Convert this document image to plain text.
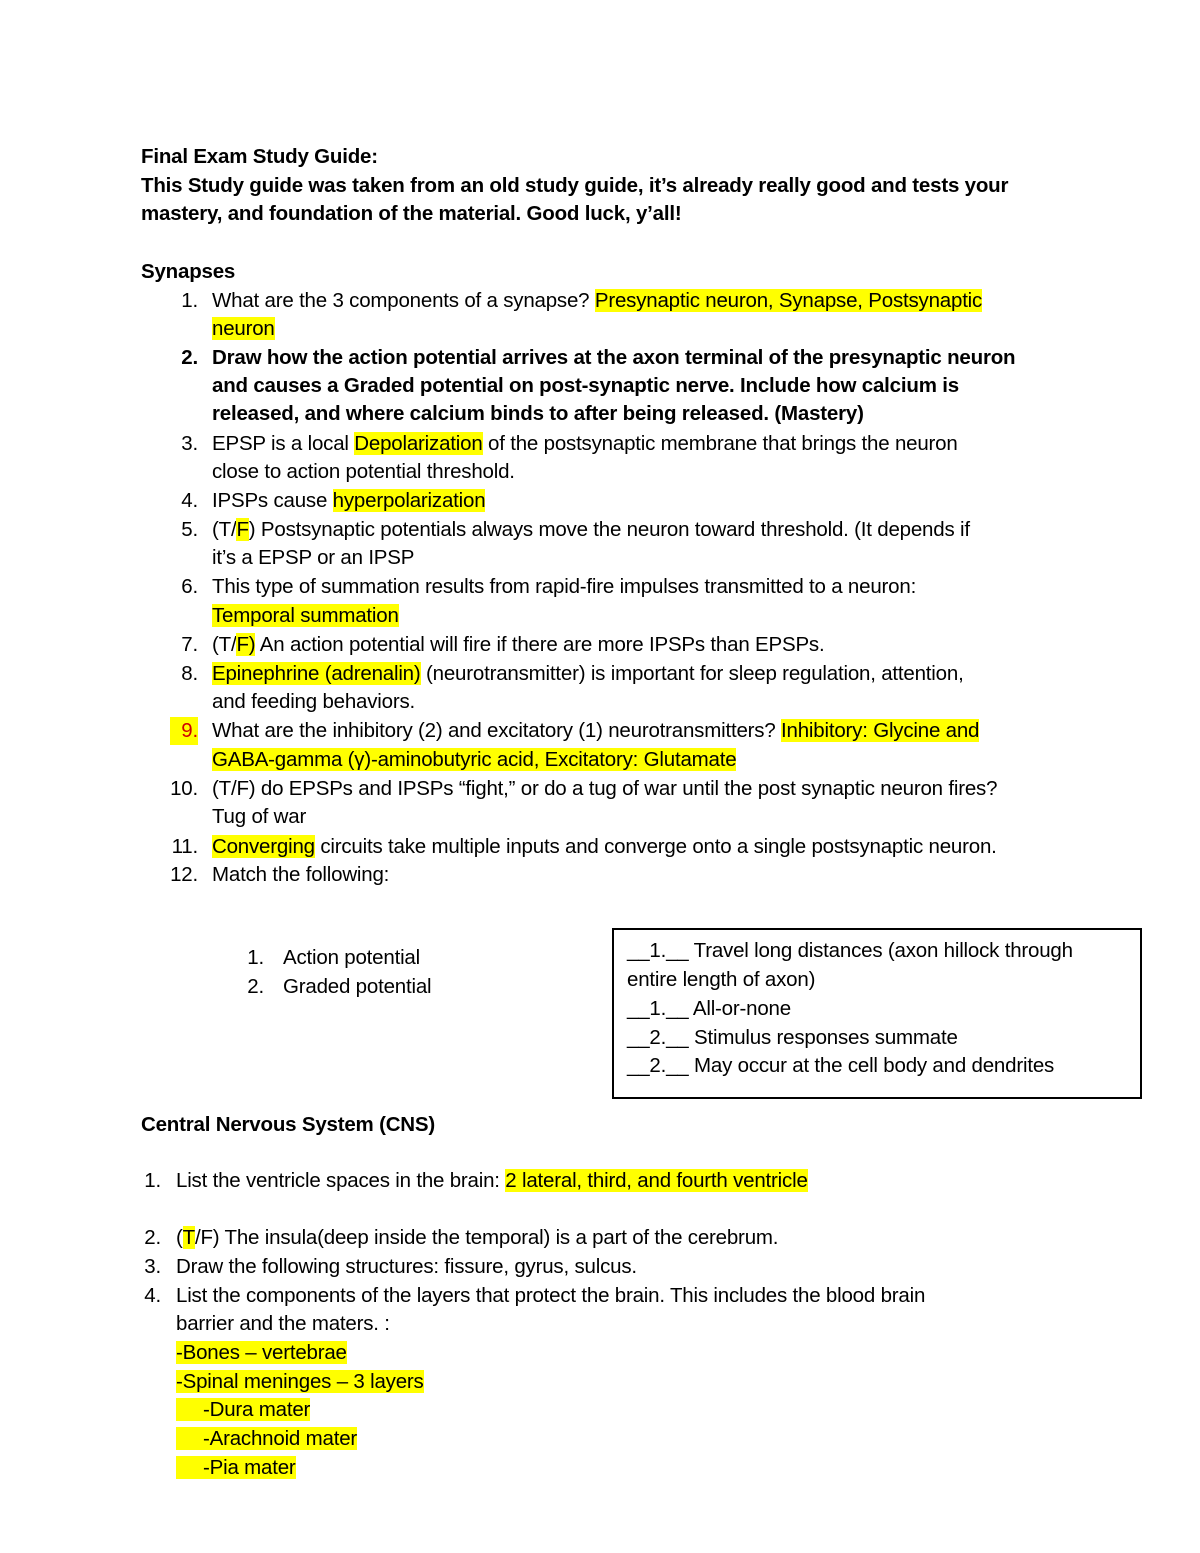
Final Exam Study Guide:
This Study guide was taken from an old study guide, it’s already really good and tests your
mastery, and foundation of the material. Good luck, y’all!
Synapses
1. What are the 3 components of a synapse? Presynaptic neuron, Synapse, Postsynaptic
neuron
2. Draw how the action potential arrives at the axon terminal of the presynaptic neuron
and causes a Graded potential on post-synaptic nerve. Include how calcium is
released, and where calcium binds to after being released. (Mastery)
3. EPSP is a local Depolarization of the postsynaptic membrane that brings the neuron
close to action potential threshold.
4. IPSPs cause hyperpolarization
5. (T/F) Postsynaptic potentials always move the neuron toward threshold. (It depends if
it’s a EPSP or an IPSP
6. This type of summation results from rapid-fire impulses transmitted to a neuron:
Temporal summation
7. (T/F) An action potential will fire if there are more IPSPs than EPSPs.
8. Epinephrine (adrenalin) (neurotransmitter) is important for sleep regulation, attention,
and feeding behaviors.
9. What are the inhibitory (2) and excitatory (1) neurotransmitters? Inhibitory: Glycine and
GABA-gamma (γ)-aminobutyric acid, Excitatory: Glutamate
10. (T/F) do EPSPs and IPSPs “fight,” or do a tug of war until the post synaptic neuron fires?
Tug of war
11. Converging circuits take multiple inputs and converge onto a single postsynaptic neuron.
12. Match the following:
1. Action potential
2. Graded potential
__1.__ Travel long distances (axon hillock through
entire length of axon)
__1.__ All-or-none
__2.__ Stimulus responses summate
__2.__ May occur at the cell body and dendrites
Central Nervous System (CNS)
1. List the ventricle spaces in the brain: 2 lateral, third, and fourth ventricle
2. (T/F) The insula(deep inside the temporal) is a part of the cerebrum.
3. Draw the following structures: fissure, gyrus, sulcus.
4. List the components of the layers that protect the brain. This includes the blood brain
barrier and the maters. :
-Bones – vertebrae
-Spinal meninges – 3 layers
-Dura mater
-Arachnoid mater
-Pia mater
